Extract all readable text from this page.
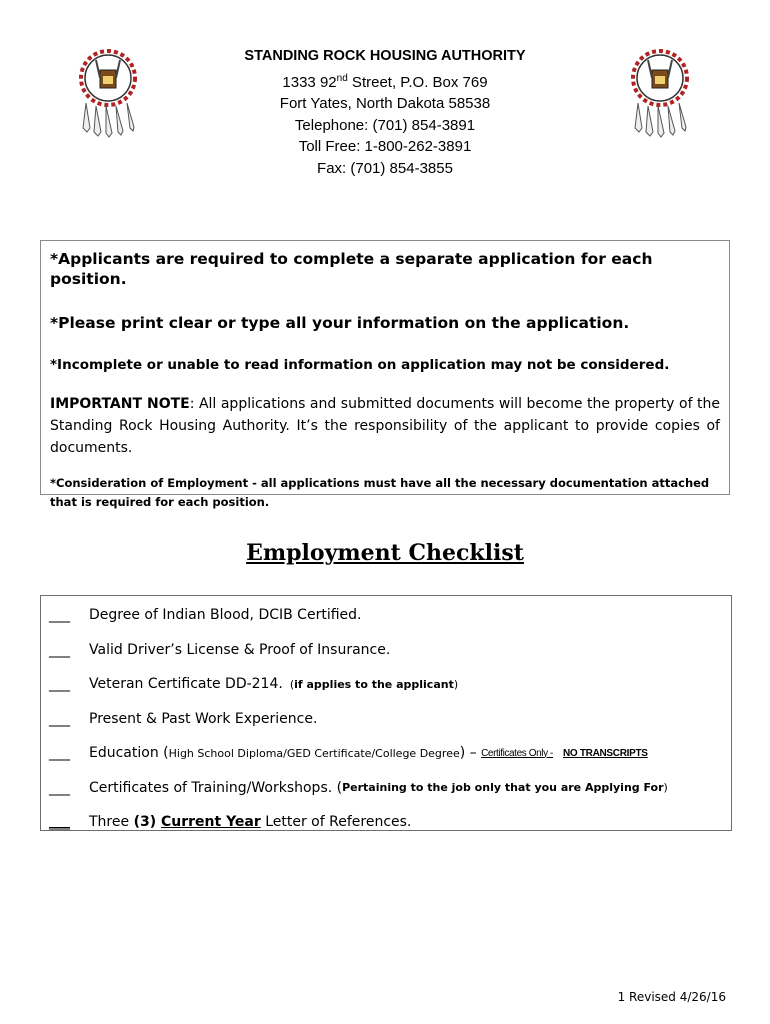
STANDING ROCK HOUSING AUTHORITY
1333 92nd Street, P.O. Box 769
Fort Yates, North Dakota 58538
Telephone: (701) 854-3891
Toll Free: 1-800-262-3891
Fax: (701) 854-3855

*Applicants are required to complete a separate application for each position.

*Please print clear or type all your information on the application.

*Incomplete or unable to read information on application may not be considered.

IMPORTANT NOTE: All applications and submitted documents will become the property of the Standing Rock Housing Authority. It’s the responsibility of the applicant to provide copies of documents.

*Consideration of Employment - all applications must have all the necessary documentation attached that is required for each position.

Employment Checklist
___	Degree of Indian Blood, DCIB Certified.
___	Valid Driver’s License & Proof of Insurance.
___	Veteran Certificate DD-214. ( if applies to the applicant )
___	Present & Past Work Experience.
___	Education ( High School Diploma/GED Certificate/College Degree ) – Certificates Only - NO TRANSCRIPTS
___	Certificates of Training/Workshops. ( Pertaining to the job only that you are Applying For )
___	Three (3) Current Year Letter of References.
1 Revised 4/26/16
